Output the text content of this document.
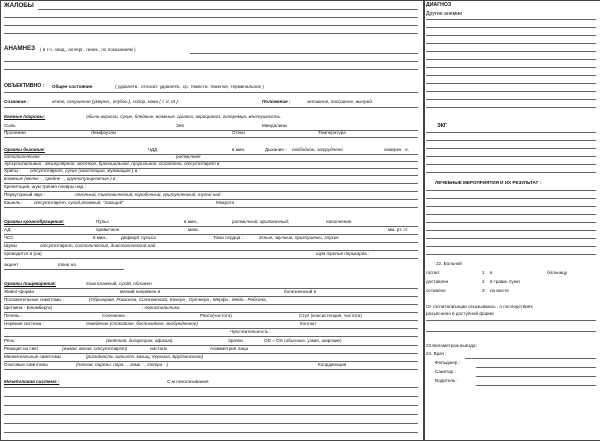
ЖАЛОБЫ
АНАМНЕЗ ( в т.ч. эпид., аллерг., гинек., по показаниям )
ОБЪЕКТИВНО : Общее состояние	( удовлетв., относит. удовлетв., ср. тяжести, тяжелое, терминальное )
Сознание :	ясное, оглушение (умерен., глубок.), сопор, кома ( I, II, III ).	Положение :	активное, пассивное, вынужд.
Кожные покровы:	обычн.окраски, сухие, бледные, влажные. Цианоз, акроцианоз, гиперемия, желтушность.
Сыпь	Зев	Миндалины
Пролежни	Лимфоузлы	Отеки	Температура
Органы дыхания:	ЧДД	в мин.	Дыхание - свободное, затруднено	поверхн - е,
патологическое	ритмичное
Аускультативно - везикулярное, жесткое, бронхиальное, пуэрильное, ослаблено, отсутствует в
Хрипы - отсутствуют, сухие (свистящие, жужжащие ) в :
влажные (мелко - , средне - , крупнопузырчатые ) в :
Крепитация, шум трения плевры над :
Перкуторный звук -	легочный, тимпанический, коробочный, притупленный, тупой над :
Кашель - отсутствует, сухой,влажный, "лающий"	Мокрота
Органы кровообращения:	Пульс	в мин.,	ритмичный, аритмичный;	наполнение
АД	привычное	макс.	мм. рт. ст
ЧСС	в мин.,	дефицит пульса	Тоны сердца :	ясные, звучные, приглушены, глухие
Шумы	отсутствуют, систолический, диастолический над
проводится в (на)	шум трения перикарда :
акцент	тона на
Органы пищеварения:	язык влажный, сухой, обложен
Живот-форма	мягкий напряжен в	болезненный в
Положительные симптомы :	(Образцова, Ровзинга, Ситковского, Кохера , Ортнера , Мерфи , Мейо - Робсона,
Щеткина - Блюмберга)	; перистальтика
Печень -	Селезенка -	Рвота(частота)	Стул (консистенция, частота)
Нервная система :	поведение (спокойное, беспокойное, возбужденное)	Контакт
Чувствительность :
Речь:	(внятная, дизартрия, афазия)	Зрачки	OD = OS (обычные, узкие, широкие)
Реакция на свет	(живая, вялая, отсутствует)	нистагм	Асимметрия лица
Менингеальные симптомы	(ригидность затылоч. мышц, Кернига, Брудзинского)
Очаговые симптомы	(плегия, парезы: пара - , геми - , тетра - )	Координация
Мочеполовая система :	С-м поколачивания
ДИАГНОЗ
Другие анемии
ЭКГ
ЛЕЧЕБНЫЕ МЕРОПРИЯТИЯ И ИХ РЕЗУЛЬТАТ :
22. Больной
госпит.	1 в	больницу
доставлен	2 в травм. пункт
оставлен	3 на месте
От госпитализации отказываюсь , о последствиях
разъяснено в доступной форме
23.Километраж выезда:
24. Врач :
Фельдшер :
Санитар :
Водитель :
